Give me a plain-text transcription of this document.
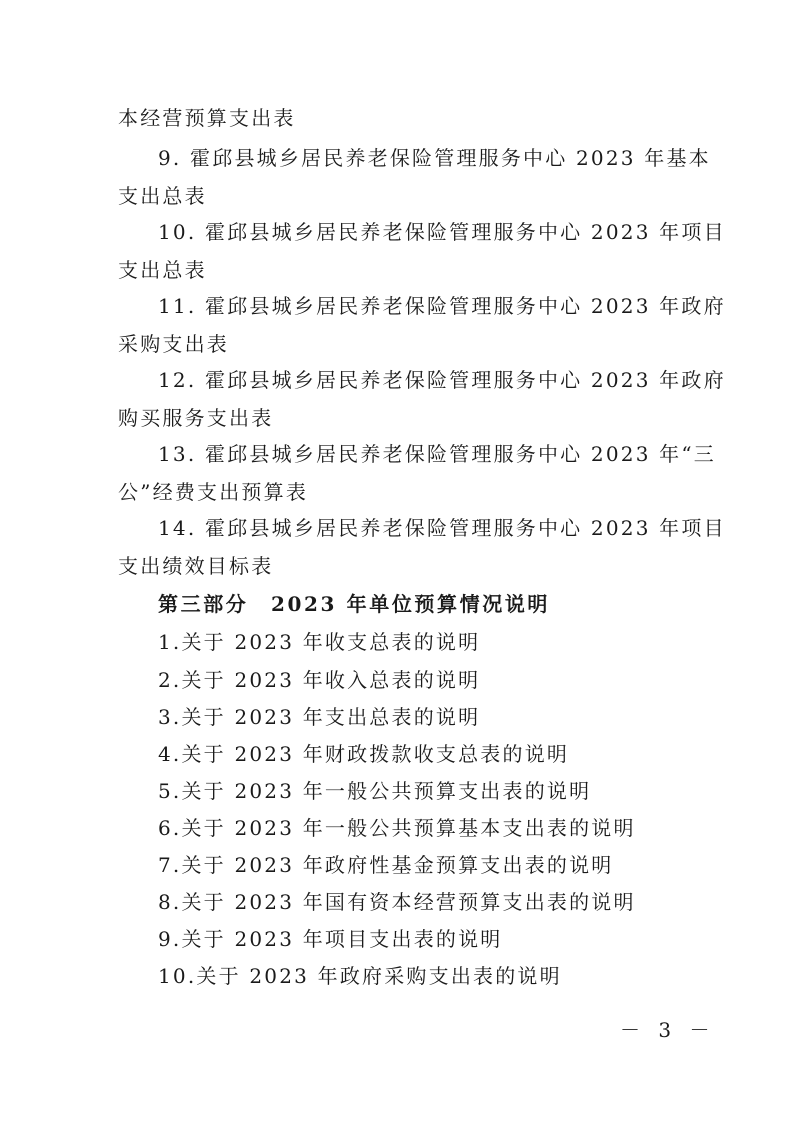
本经营预算支出表
9. 霍邱县城乡居民养老保险管理服务中心 2023 年基本
支出总表
10. 霍邱县城乡居民养老保险管理服务中心 2023 年项目
支出总表
11. 霍邱县城乡居民养老保险管理服务中心 2023 年政府
采购支出表
12. 霍邱县城乡居民养老保险管理服务中心 2023 年政府
购买服务支出表
13. 霍邱县城乡居民养老保险管理服务中心 2023 年“三
公”经费支出预算表
14. 霍邱县城乡居民养老保险管理服务中心 2023 年项目
支出绩效目标表
第三部分　2023 年单位预算情况说明
1.关于 2023 年收支总表的说明
2.关于 2023 年收入总表的说明
3.关于 2023 年支出总表的说明
4.关于 2023 年财政拨款收支总表的说明
5.关于 2023 年一般公共预算支出表的说明
6.关于 2023 年一般公共预算基本支出表的说明
7.关于 2023 年政府性基金预算支出表的说明
8.关于 2023 年国有资本经营预算支出表的说明
9.关于 2023 年项目支出表的说明
10.关于 2023 年政府采购支出表的说明
－ 3 －
